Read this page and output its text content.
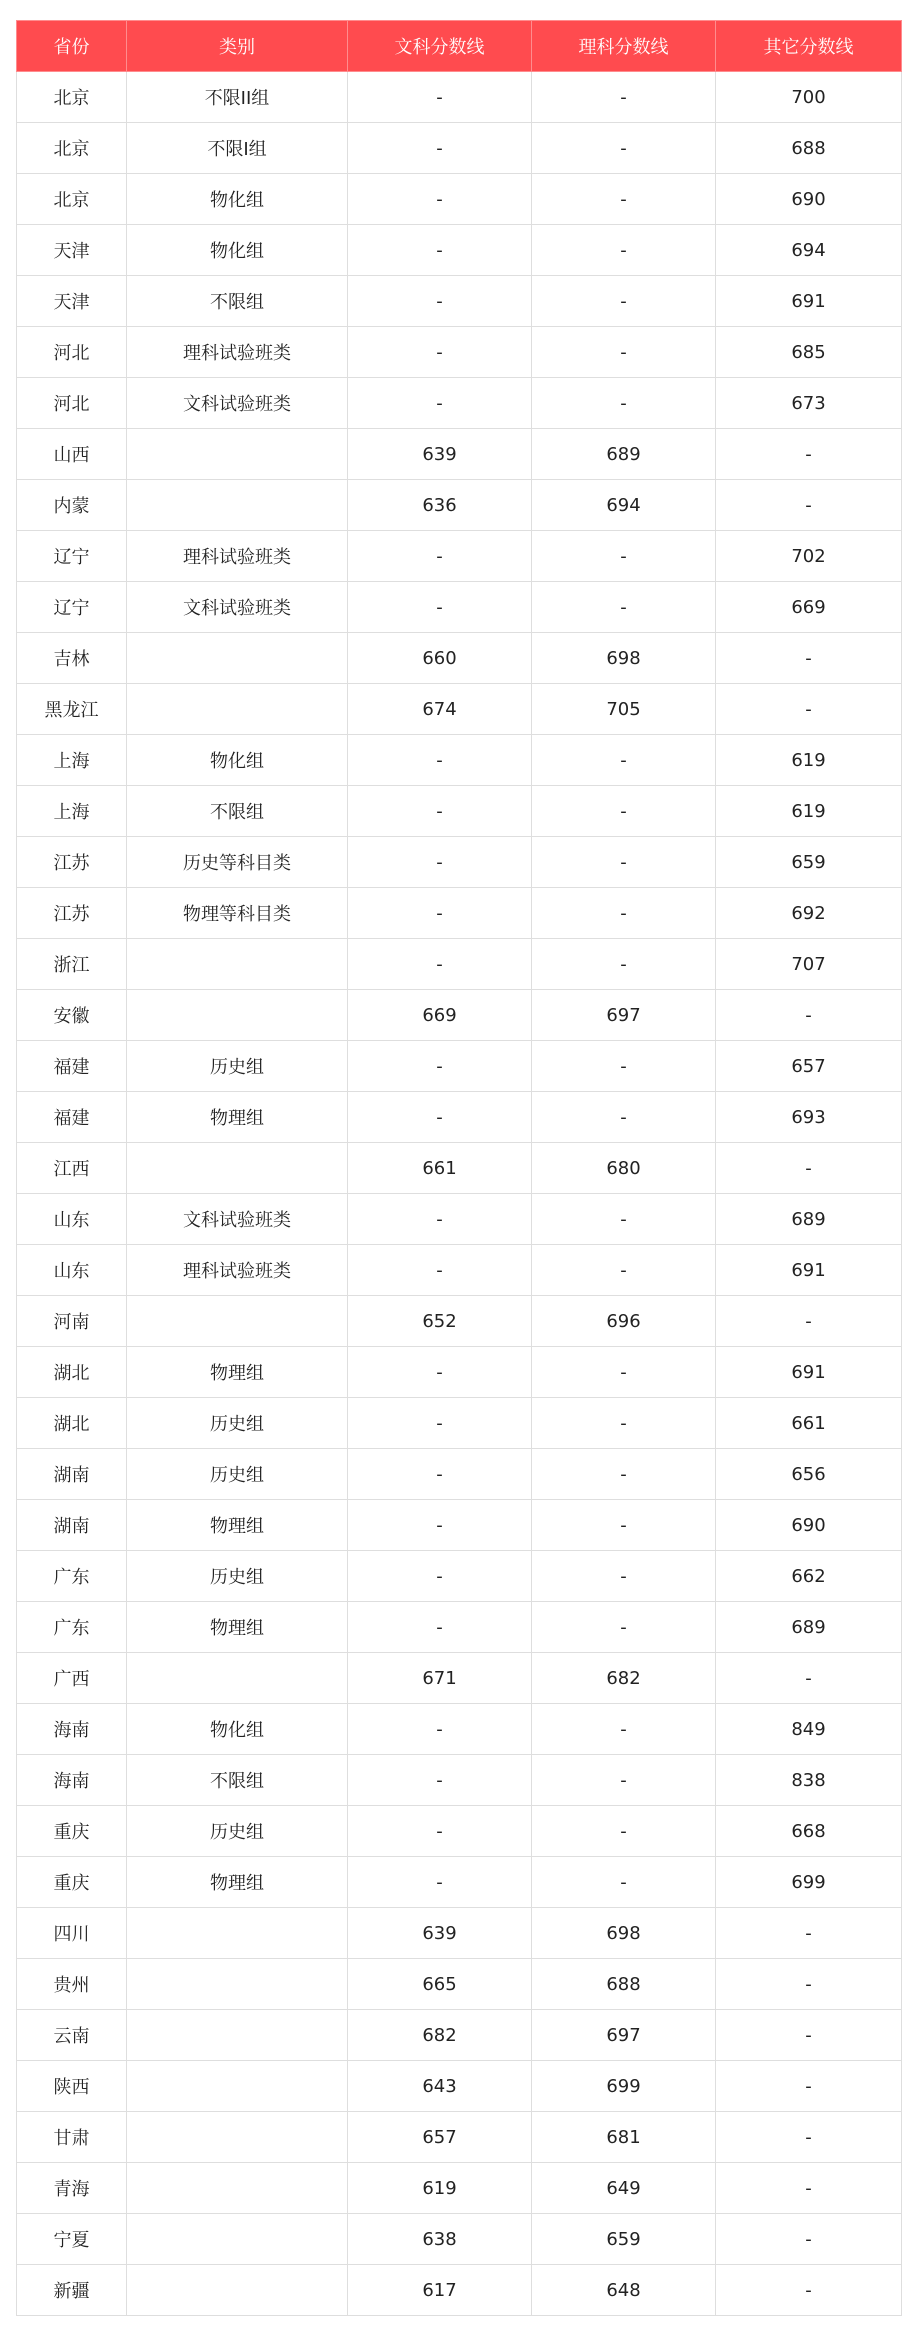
省份	类别	文科分数线	理科分数线	其它分数线
北京	不限II组	-	-	700
北京	不限I组	-	-	688
北京	物化组	-	-	690
天津	物化组	-	-	694
天津	不限组	-	-	691
河北	理科试验班类	-	-	685
河北	文科试验班类	-	-	673
山西		639	689	-
内蒙		636	694	-
辽宁	理科试验班类	-	-	702
辽宁	文科试验班类	-	-	669
吉林		660	698	-
黑龙江		674	705	-
上海	物化组	-	-	619
上海	不限组	-	-	619
江苏	历史等科目类	-	-	659
江苏	物理等科目类	-	-	692
浙江		-	-	707
安徽		669	697	-
福建	历史组	-	-	657
福建	物理组	-	-	693
江西		661	680	-
山东	文科试验班类	-	-	689
山东	理科试验班类	-	-	691
河南		652	696	-
湖北	物理组	-	-	691
湖北	历史组	-	-	661
湖南	历史组	-	-	656
湖南	物理组	-	-	690
广东	历史组	-	-	662
广东	物理组	-	-	689
广西		671	682	-
海南	物化组	-	-	849
海南	不限组	-	-	838
重庆	历史组	-	-	668
重庆	物理组	-	-	699
四川		639	698	-
贵州		665	688	-
云南		682	697	-
陕西		643	699	-
甘肃		657	681	-
青海		619	649	-
宁夏		638	659	-
新疆		617	648	-
